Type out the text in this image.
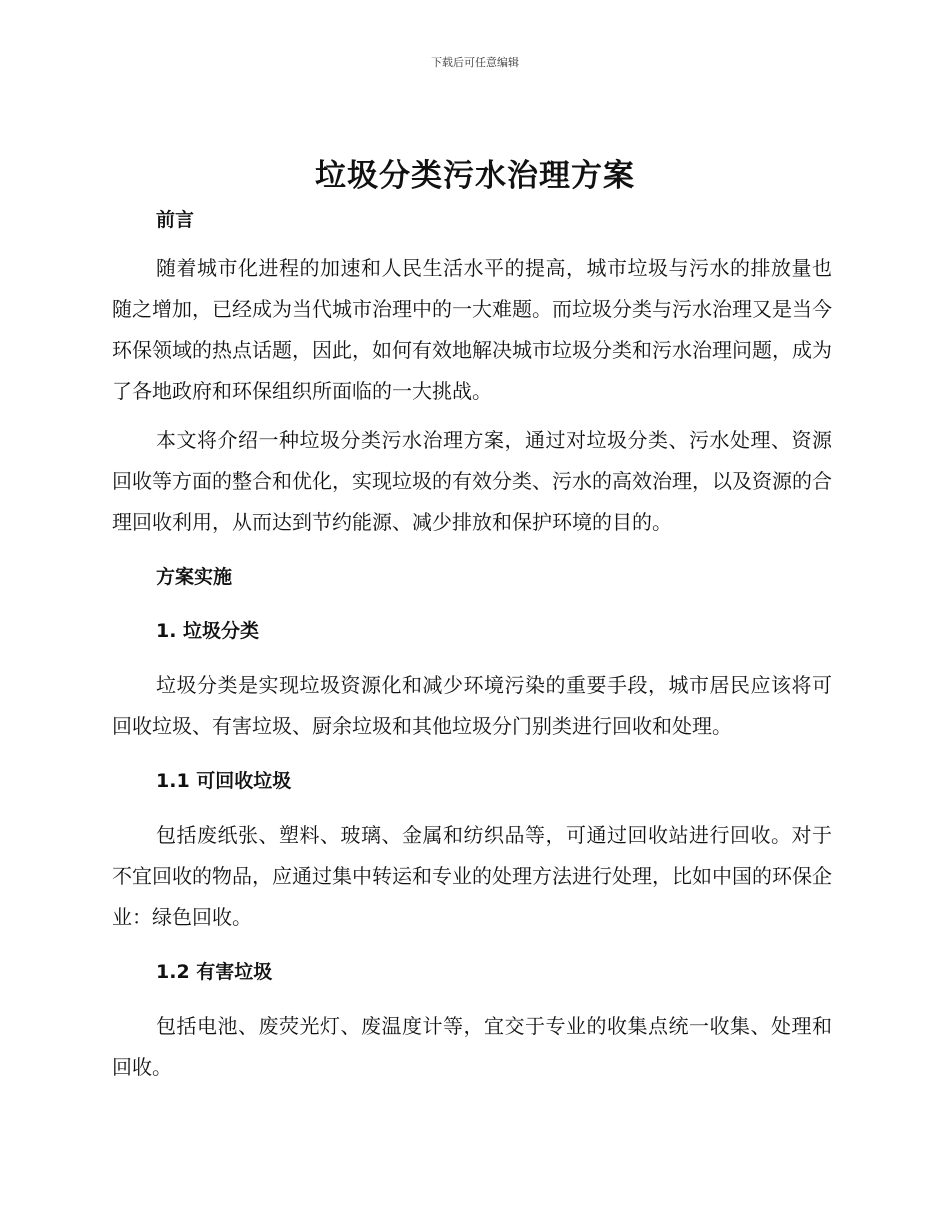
下载后可任意编辑
垃圾分类污水治理方案
前言

随着城市化进程的加速和人民生活水平的提高，城市垃圾与污水的排放量也随之增加，已经成为当代城市治理中的一大难题。而垃圾分类与污水治理又是当今环保领域的热点话题，因此，如何有效地解决城市垃圾分类和污水治理问题，成为了各地政府和环保组织所面临的一大挑战。

本文将介绍一种垃圾分类污水治理方案，通过对垃圾分类、污水处理、资源回收等方面的整合和优化，实现垃圾的有效分类、污水的高效治理，以及资源的合理回收利用，从而达到节约能源、减少排放和保护环境的目的。

方案实施
1. 垃圾分类

垃圾分类是实现垃圾资源化和减少环境污染的重要手段，城市居民应该将可回收垃圾、有害垃圾、厨余垃圾和其他垃圾分门别类进行回收和处理。

1.1 可回收垃圾

包括废纸张、塑料、玻璃、金属和纺织品等，可通过回收站进行回收。对于不宜回收的物品，应通过集中转运和专业的处理方法进行处理，比如中国的环保企业：绿色回收。

1.2 有害垃圾

包括电池、废荧光灯、废温度计等，宜交于专业的收集点统一收集、处理和回收。
